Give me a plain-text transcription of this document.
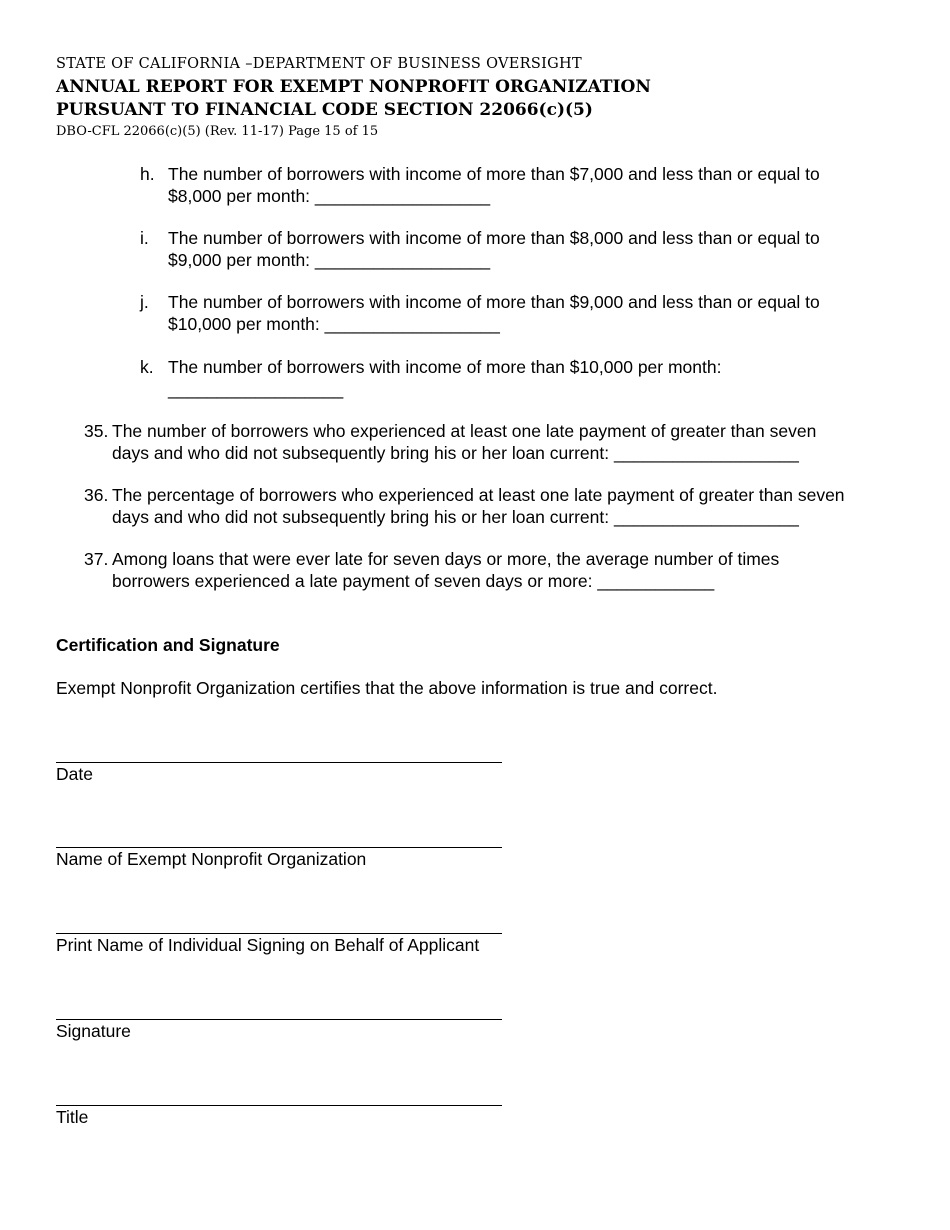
STATE OF CALIFORNIA –DEPARTMENT OF BUSINESS OVERSIGHT
ANNUAL REPORT FOR EXEMPT NONPROFIT ORGANIZATION
PURSUANT TO FINANCIAL CODE SECTION 22066(c)(5)
DBO-CFL 22066(c)(5) (Rev. 11-17) Page 15 of 15
h. The number of borrowers with income of more than $7,000 and less than or equal to
$8,000 per month: __________________
i. The number of borrowers with income of more than $8,000 and less than or equal to
$9,000 per month: __________________
j. The number of borrowers with income of more than $9,000 and less than or equal to
$10,000 per month: __________________
k. The number of borrowers with income of more than $10,000 per month:
__________________
35. The number of borrowers who experienced at least one late payment of greater than seven
days and who did not subsequently bring his or her loan current: ___________________
36. The percentage of borrowers who experienced at least one late payment of greater than seven
days and who did not subsequently bring his or her loan current: ___________________
37. Among loans that were ever late for seven days or more, the average number of times
borrowers experienced a late payment of seven days or more: ____________
Certification and Signature
Exempt Nonprofit Organization certifies that the above information is true and correct.
Date
Name of Exempt Nonprofit Organization
Print Name of Individual Signing on Behalf of Applicant
Signature
Title
